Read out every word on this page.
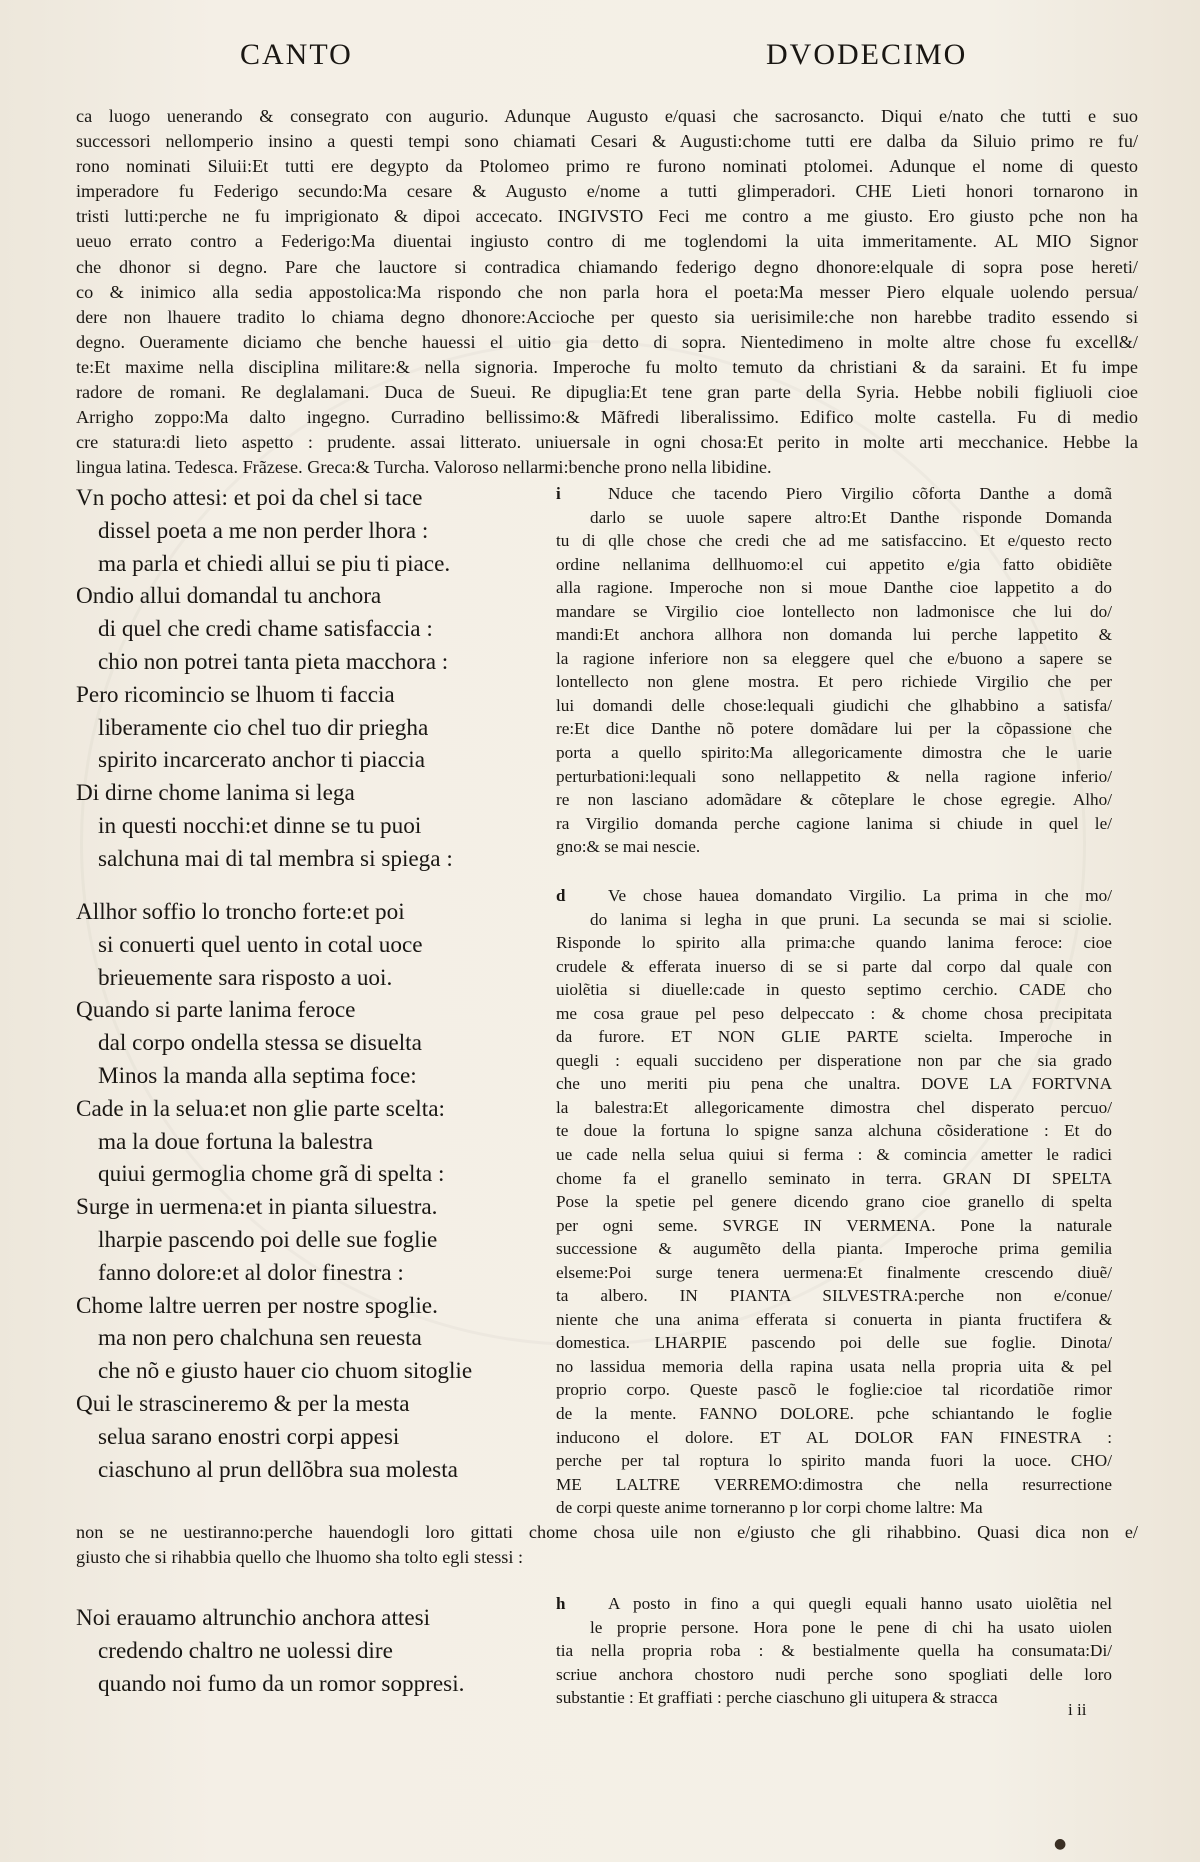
CANTO	DVODECIMO
ca luogo uenerando & consegrato con augurio. Adunque Augusto e/quasi che sacrosancto. Diqui e/nato che tutti e suo
successori nellomperio insino a questi tempi sono chiamati Cesari & Augusti:chome tutti ere dalba da Siluio primo re fu/
rono nominati Siluii:Et tutti ere degypto da Ptolomeo primo re furono nominati ptolomei. Adunque el nome di questo
imperadore fu Federigo secundo:Ma cesare & Augusto e/nome a tutti glimperadori. CHE Lieti honori tornarono in
tristi lutti:perche ne fu imprigionato & dipoi accecato. INGIVSTO Feci me contro a me giusto. Ero giusto pche non ha
ueuo errato contro a Federigo:Ma diuentai ingiusto contro di me toglendomi la uita immeritamente. AL MIO Signor
che dhonor si degno. Pare che lauctore si contradica chiamando federigo degno dhonore:elquale di sopra pose hereti/
co & inimico alla sedia appostolica:Ma rispondo che non parla hora el poeta:Ma messer Piero elquale uolendo persua/
dere non lhauere tradito lo chiama degno dhonore:Accioche per questo sia uerisimile:che non harebbe tradito essendo si
degno. Oueramente diciamo che benche hauessi el uitio gia detto di sopra. Nientedimeno in molte altre chose fu excell&/
te:Et maxime nella disciplina militare:& nella signoria. Imperoche fu molto temuto da christiani & da saraini. Et fu impe
radore de romani. Re deglalamani. Duca de Sueui. Re dipuglia:Et tene gran parte della Syria. Hebbe nobili figliuoli cioe
Arrigho zoppo:Ma dalto ingegno. Curradino bellissimo:& Mãfredi liberalissimo. Edifico molte castella. Fu di medio
cre statura:di lieto aspetto : prudente. assai litterato. uniuersale in ogni chosa:Et perito in molte arti mecchanice. Hebbe la
lingua latina. Tedesca. Frãzese. Greca:& Turcha. Valoroso nellarmi:benche prono nella libidine.
Vn pocho attesi: et poi da chel si tace
dissel poeta a me non perder lhora :
ma parla et chiedi allui se piu ti piace.
Ondio allui domandal tu anchora
di quel che credi chame satisfaccia :
chio non potrei tanta pieta macchora :
Pero ricomincio se lhuom ti faccia
liberamente cio chel tuo dir priegha
spirito incarcerato anchor ti piaccia
Di dirne chome lanima si lega
in questi nocchi:et dinne se tu puoi
salchuna mai di tal membra si spiega :
Allhor soffio lo troncho forte:et poi
si conuerti quel uento in cotal uoce
brieuemente sara risposto a uoi.
Quando si parte lanima feroce
dal corpo ondella stessa se disuelta
Minos la manda alla septima foce:
Cade in la selua:et non glie parte scelta:
ma la doue fortuna la balestra
quiui germoglia chome grã di spelta :
Surge in uermena:et in pianta siluestra.
lharpie pascendo poi delle sue foglie
fanno dolore:et al dolor finestra :
Chome laltre uerren per nostre spoglie.
ma non pero chalchuna sen reuesta
che nõ e giusto hauer cio chuom sitoglie
Qui le strascineremo & per la mesta
selua sarano enostri corpi appesi
ciaschuno al prun dellõbra sua molesta
Noi erauamo altrunchio anchora attesi
credendo chaltro ne uolessi dire
quando noi fumo da un romor soppresi.
i	Nduce che tacendo Piero Virgilio cõforta Danthe a domã
darlo se uuole sapere altro:Et Danthe risponde Domanda
tu di qlle chose che credi che ad me satisfaccino. Et e/questo recto
ordine nellanima dellhuomo:el cui appetito e/gia fatto obidiẽte
alla ragione. Imperoche non si moue Danthe cioe lappetito a do
mandare se Virgilio cioe lontellecto non ladmonisce che lui do/
mandi:Et anchora allhora non domanda lui perche lappetito &
la ragione inferiore non sa eleggere quel che e/buono a sapere se
lontellecto non glene mostra. Et pero richiede Virgilio che per
lui domandi delle chose:lequali giudichi che glhabbino a satisfa/
re:Et dice Danthe nõ potere domãdare lui per la cõpassione che
porta a quello spirito:Ma allegoricamente dimostra che le uarie
perturbationi:lequali sono nellappetito & nella ragione inferio/
re non lasciano adomãdare & cõteplare le chose egregie. Alho/
ra Virgilio domanda perche cagione lanima si chiude in quel le/
gno:& se mai nescie.
d	Ve chose hauea domandato Virgilio. La prima in che mo/
do lanima si legha in que pruni. La secunda se mai si sciolie.
Risponde lo spirito alla prima:che quando lanima feroce: cioe
crudele & efferata inuerso di se si parte dal corpo dal quale con
uiolẽtia si diuelle:cade in questo septimo cerchio. CADE cho
me cosa graue pel peso delpeccato : & chome chosa precipitata
da furore. ET NON GLIE PARTE scielta. Imperoche in
quegli : equali succideno per disperatione non par che sia grado
che uno meriti piu pena che unaltra. DOVE LA FORTVNA
la balestra:Et allegoricamente dimostra chel disperato percuo/
te doue la fortuna lo spigne sanza alchuna cõsideratione : Et do
ue cade nella selua quiui si ferma : & comincia ametter le radici
chome fa el granello seminato in terra. GRAN DI SPELTA
Pose la spetie pel genere dicendo grano cioe granello di spelta
per ogni seme. SVRGE IN VERMENA. Pone la naturale
successione & augumẽto della pianta. Imperoche prima gemilia
elseme:Poi surge tenera uermena:Et finalmente crescendo diuẽ/
ta albero. IN PIANTA SILVESTRA:perche non e/conue/
niente che una anima efferata si conuerta in pianta fructifera &
domestica. LHARPIE pascendo poi delle sue foglie. Dinota/
no lassidua memoria della rapina usata nella propria uita & pel
proprio corpo. Queste pascõ le foglie:cioe tal ricordatiõe rimor
de la mente. FANNO DOLORE. pche schiantando le foglie
inducono el dolore. ET AL DOLOR FAN FINESTRA :
perche per tal roptura lo spirito manda fuori la uoce. CHO/
ME LALTRE VERREMO:dimostra che nella resurrectione
de corpi queste anime torneranno p lor corpi chome laltre: Ma
h	A posto in fino a qui quegli equali hanno usato uiolẽtia nel
le proprie persone. Hora pone le pene di chi ha usato uiolen
tia nella propria roba : & bestialmente quella ha consumata:Di/
scriue anchora chostoro nudi perche sono spogliati delle loro
substantie : Et graffiati : perche ciaschuno gli uitupera & stracca
non se ne uestiranno:perche hauendogli loro gittati chome chosa uile non e/giusto che gli rihabbino. Quasi dica non e/
giusto che si rihabbia quello che lhuomo sha tolto egli stessi :
i ii
●
